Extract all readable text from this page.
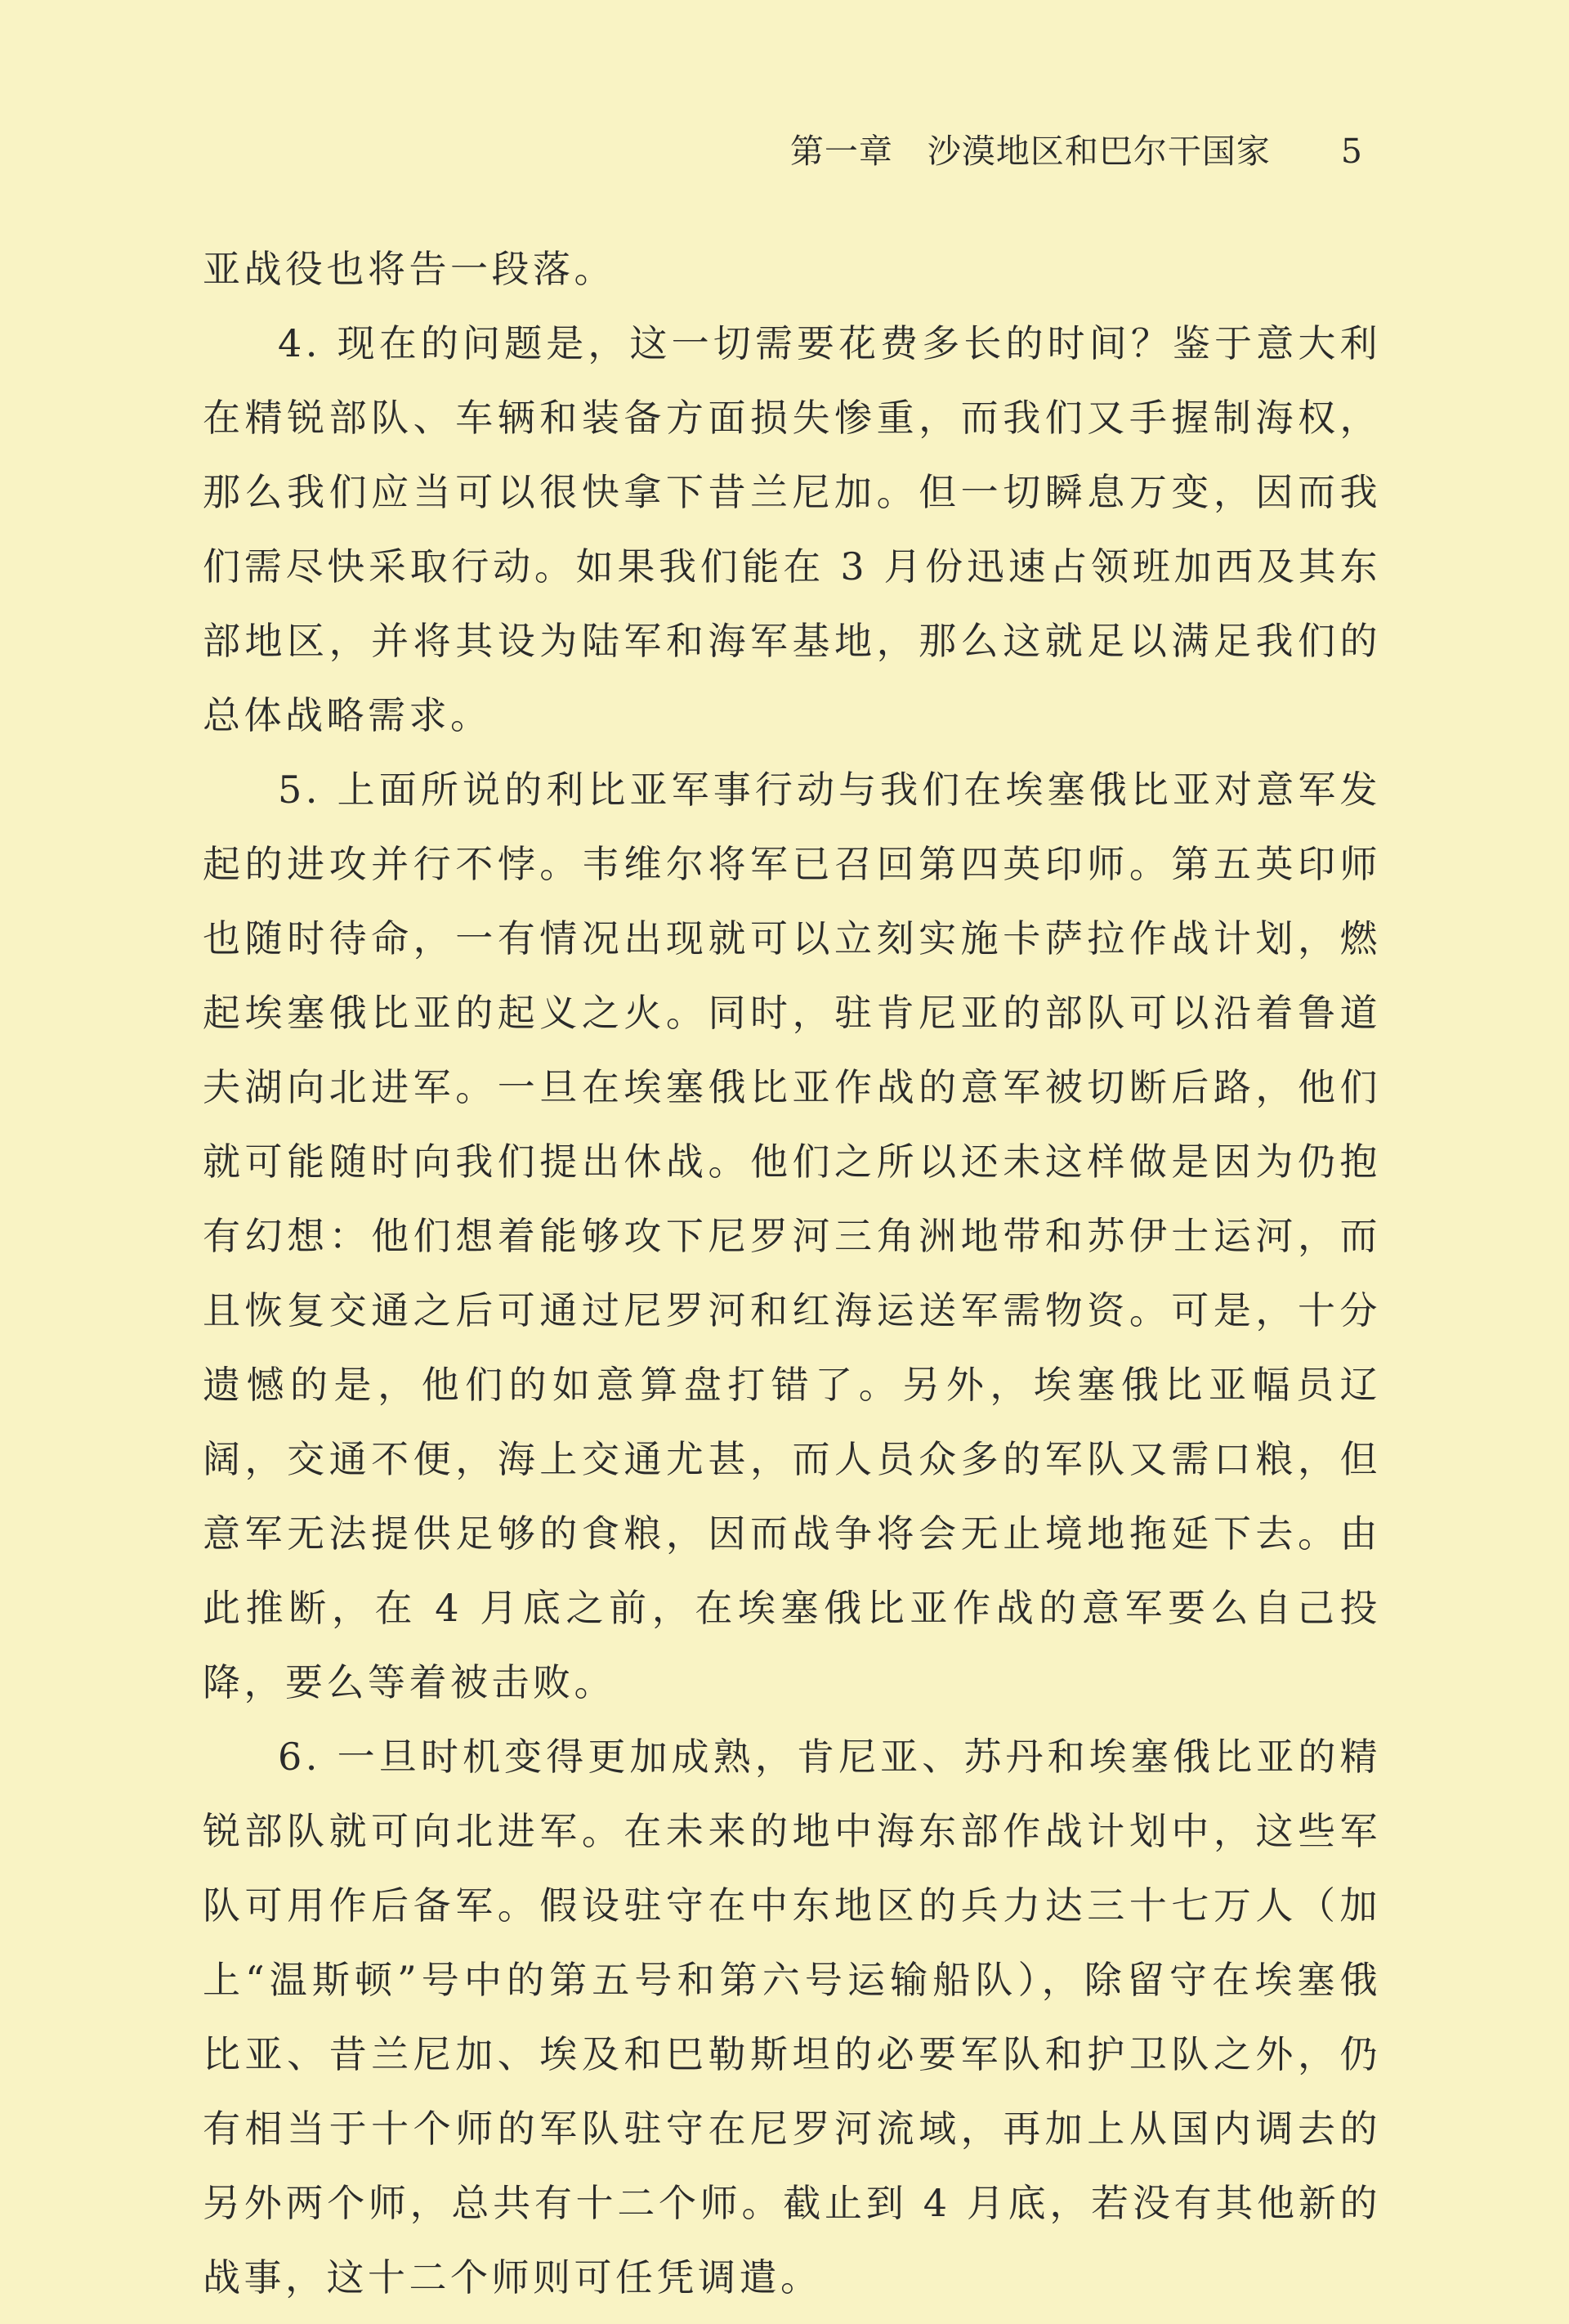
第一章　沙漠地区和巴尔干国家 5

亚战役也将告一段落。

4. 现在的问题是，这一切需要花费多长的时间？鉴于意大利在精锐部队、车辆和装备方面损失惨重，而我们又手握制海权，那么我们应当可以很快拿下昔兰尼加。但一切瞬息万变，因而我们需尽快采取行动。如果我们能在 3 月份迅速占领班加西及其东部地区，并将其设为陆军和海军基地，那么这就足以满足我们的总体战略需求。

5. 上面所说的利比亚军事行动与我们在埃塞俄比亚对意军发起的进攻并行不悖。韦维尔将军已召回第四英印师。第五英印师也随时待命，一有情况出现就可以立刻实施卡萨拉作战计划，燃起埃塞俄比亚的起义之火。同时，驻肯尼亚的部队可以沿着鲁道夫湖向北进军。一旦在埃塞俄比亚作战的意军被切断后路，他们就可能随时向我们提出休战。他们之所以还未这样做是因为仍抱有幻想：他们想着能够攻下尼罗河三角洲地带和苏伊士运河，而且恢复交通之后可通过尼罗河和红海运送军需物资。可是，十分遗憾的是，他们的如意算盘打错了。另外，埃塞俄比亚幅员辽阔，交通不便，海上交通尤甚，而人员众多的军队又需口粮，但意军无法提供足够的食粮，因而战争将会无止境地拖延下去。由此推断，在 4 月底之前，在埃塞俄比亚作战的意军要么自己投降，要么等着被击败。

6. 一旦时机变得更加成熟，肯尼亚、苏丹和埃塞俄比亚的精锐部队就可向北进军。在未来的地中海东部作战计划中，这些军队可用作后备军。假设驻守在中东地区的兵力达三十七万人（加上“温斯顿”号中的第五号和第六号运输船队），除留守在埃塞俄比亚、昔兰尼加、埃及和巴勒斯坦的必要军队和护卫队之外，仍有相当于十个师的军队驻守在尼罗河流域，再加上从国内调去的另外两个师，总共有十二个师。截止到 4 月底，若没有其他新的战事，这十二个师则可任凭调遣。
